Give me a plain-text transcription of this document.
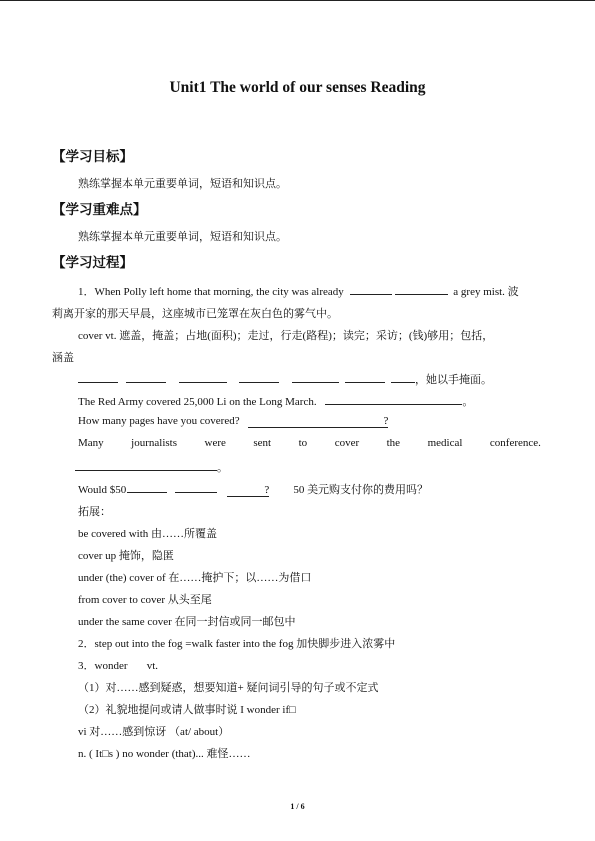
Unit1 The world of our senses Reading
【学习目标】
熟练掌握本单元重要单词，短语和知识点。
【学习重难点】
熟练掌握本单元重要单词，短语和知识点。
【学习过程】
1．When Polly left home that morning, the city was already	a grey mist. 波
莉离开家的那天早晨，这座城市已笼罩在灰白色的雾气中。
cover vt. 遮盖，掩盖；占地(面积)；走过，行走(路程)；读完；采访；(钱)够用；包括，
涵盖
，她以手掩面。
The Red Army covered 25,000 Li on the Long March.	。
How many pages have you covered?	?
Many	journalists	were	sent	to	cover	the	medical	conference.
。
Would $50	? 50 美元购支付你的费用吗？
拓展：
be covered with 由……所覆盖
cover up 掩饰，隐匿
under (the) cover of 在……掩护下；以……为借口
from cover to cover 从头至尾
under the same cover 在同一封信或同一邮包中
2．step out into the fog =walk faster into the fog 加快脚步进入浓雾中
3．wonder       vt.
（1）对……感到疑惑，想要知道+ 疑问词引导的句子或不定式
（2）礼貌地提问或请人做事时说 I wonder if□
vi 对……感到惊讶 （at/ about）
n. ( It□s ) no wonder (that)... 难怪……
1 / 6
